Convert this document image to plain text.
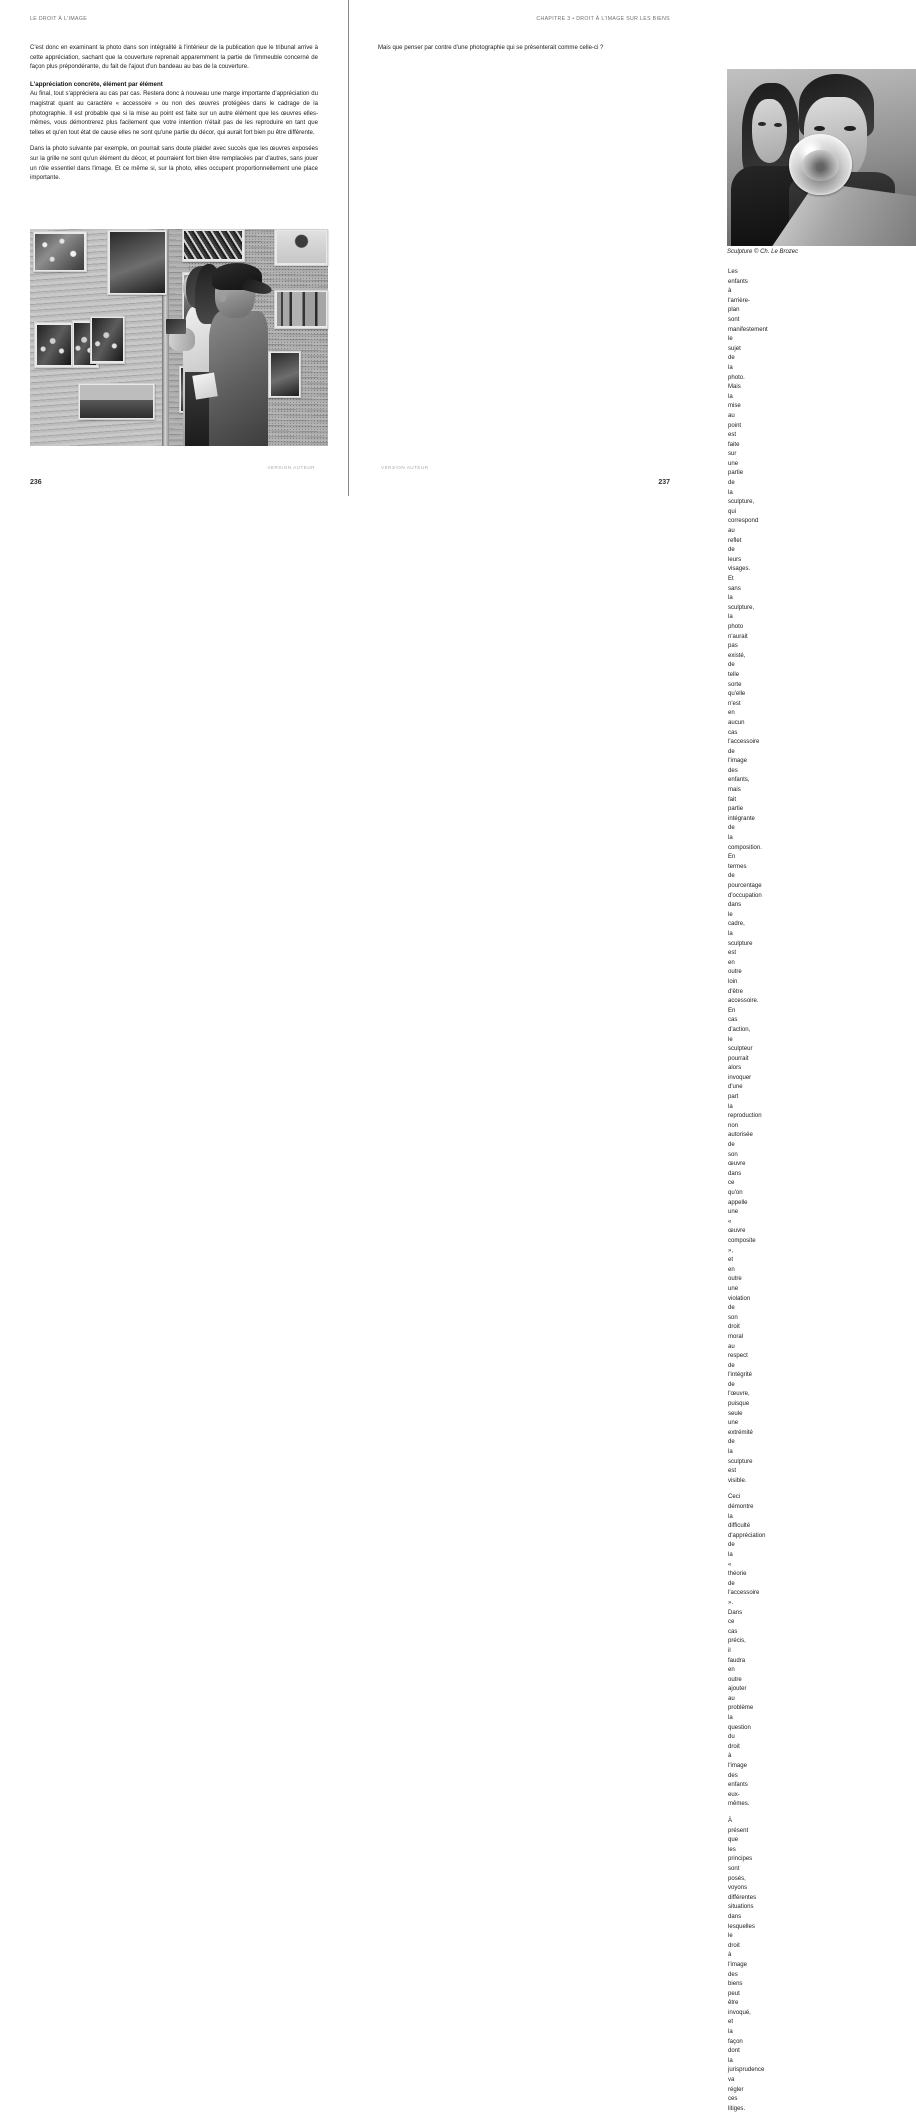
LE DROIT À L'IMAGE

C'est donc en examinant la photo dans son intégralité à l'intérieur de la publication que le tribunal arrive à cette appréciation, sachant que la couverture reprenait apparemment la partie de l'immeuble concerné de façon plus prépondérante, du fait de l'ajout d'un bandeau au bas de la couverture.

L'appréciation concrète, élément par élément

Au final, tout s'appréciera au cas par cas. Restera donc à nouveau une marge importante d'appréciation du magistrat quant au caractère « accessoire » ou non des œuvres protégées dans le cadrage de la photographie. Il est probable que si la mise au point est faite sur un autre élément que les œuvres elles-mêmes, vous démontrerez plus facilement que votre intention n'était pas de les reproduire en tant que telles et qu'en tout état de cause elles ne sont qu'une partie du décor, qui aurait fort bien pu être différente.

Dans la photo suivante par exemple, on pourrait sans doute plaider avec succès que les œuvres exposées sur la grille ne sont qu'un élément du décor, et pourraient fort bien être remplacées par d'autres, sans jouer un rôle essentiel dans l'image. Et ce même si, sur la photo, elles occupent proportionnellement une place importante.

VERSION AUTEUR
236
CHAPITRE 3 • DROIT À L'IMAGE SUR LES BIENS

Mais que penser par contre d'une photographie qui se présenterait comme celle-ci ?

Sculpture © Ch. Le Brozec

Les enfants à l'arrière-plan sont manifestement le sujet de la photo. Mais la mise au point est faite sur une partie de la sculpture, qui correspond au reflet de leurs visages. Et sans la sculpture, la photo n'aurait pas existé, de telle sorte qu'elle n'est en aucun cas l'accessoire de l'image des enfants, mais fait partie intégrante de la composition. En termes de pourcentage d'occupation dans le cadre, la sculpture est en outre loin d'être accessoire. En cas d'action, le sculpteur pourrait alors invoquer d'une part la reproduction non autorisée de son œuvre dans ce qu'on appelle une « œuvre composite », et en outre une violation de son droit moral au respect de l'intégrité de l'œuvre, puisque seule une extrémité de la sculpture est visible.

Ceci démontre la difficulté d'appréciation de la « théorie de l'accessoire ». Dans ce cas précis, il faudra en outre ajouter au problème la question du droit à l'image des enfants eux-mêmes.

À présent que les principes sont posés, voyons différentes situations dans lesquelles le droit à l'image des biens peut être invoqué, et la façon dont la jurisprudence va régler ces litiges.

VERSION AUTEUR
237
